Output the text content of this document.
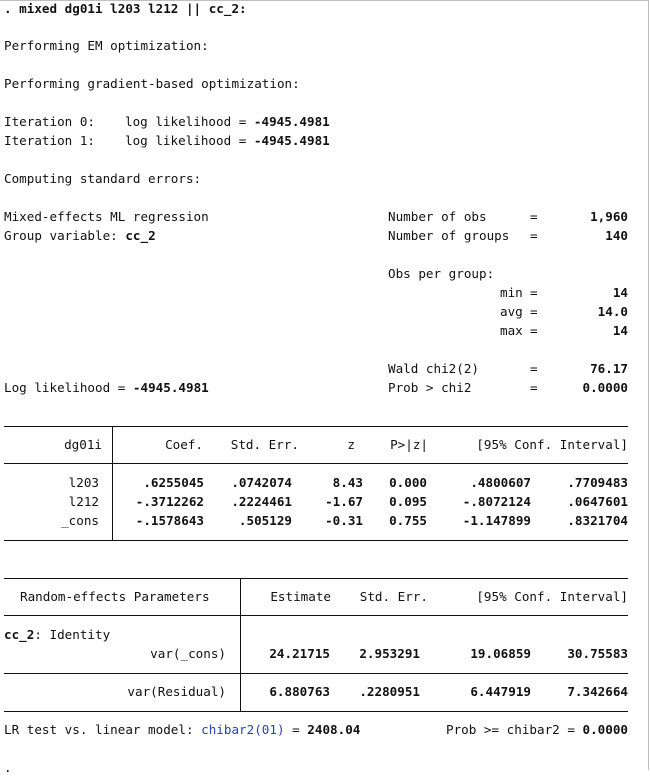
. mixed dg01i l203 l212 || cc_2:
Performing EM optimization:
Performing gradient-based optimization:
Iteration 0: log likelihood = -4945.4981
Iteration 1: log likelihood = -4945.4981
Computing standard errors:
Mixed-effects ML regression
Group variable: cc_2
Number of obs	=	1,960
Number of groups =	140
Obs per group:
min =	14
avg =	14.0
max =	14
Wald chi2(2)	=	76.17
Log likelihood = -4945.4981	Prob > chi2	=	0.0000
dg01i	Coef.	Std. Err.	z	P>|z|	[95% Conf. Interval]
l203	.6255045	.0742074	8.43	0.000	.4800607	.7709483
l212	-.3712262	.2224461	-1.67	0.095	-.8072124	.0647601
_cons	-.1578643	.505129	-0.31	0.755	-1.147899	.8321704
Random-effects Parameters	Estimate	Std. Err.	[95% Conf. Interval]
cc_2: Identity
var(_cons)	24.21715	2.953291	19.06859	30.75583
var(Residual)	6.880763	.2280951	6.447919	7.342664
LR test vs. linear model: chibar2(01) = 2408.04	Prob >= chibar2 = 0.0000
.
